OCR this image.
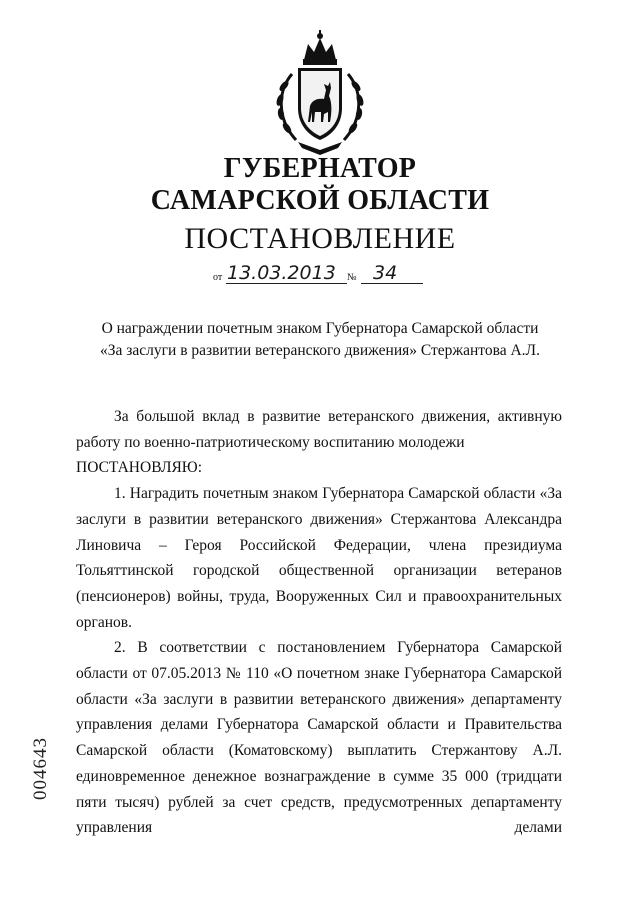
ГУБЕРНАТОР
САМАРСКОЙ ОБЛАСТИ
ПОСТАНОВЛЕНИЕ
от 13.03.2013 № 34
О награждении почетным знаком Губернатора Самарской области
«За заслуги в развитии ветеранского движения» Стержантова А.Л.

За большой вклад в развитие ветеранского движения, активную работу по военно-патриотическому воспитанию молодежи

ПОСТАНОВЛЯЮ:

1. Наградить почетным знаком Губернатора Самарской области «За заслуги в развитии ветеранского движения» Стержантова Александра Линовича – Героя Российской Федерации, члена президиума Тольяттинской городской общественной организации ветеранов (пенсионеров) войны, труда, Вооруженных Сил и правоохранительных органов.

2. В соответствии с постановлением Губернатора Самарской области от 07.05.2013 № 110 «О почетном знаке Губернатора Самарской области «За заслуги в развитии ветеранского движения» департаменту управления делами Губернатора Самарской области и Правительства Самарской области (Коматовскому) выплатить Стержантову А.Л. единовременное денежное вознаграждение в сумме 35 000 (тридцати пяти тысяч) рублей за счет средств, предусмотренных департаменту управления делами

004643
